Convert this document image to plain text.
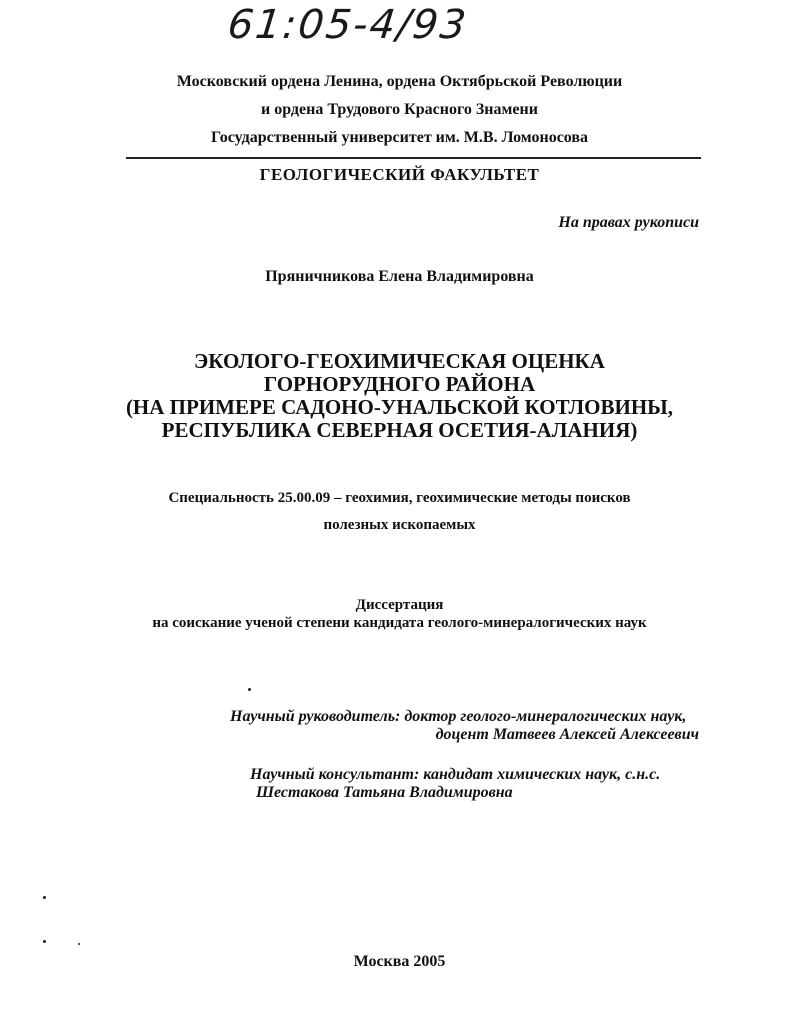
61:05-4/93
Московский ордена Ленина, ордена Октябрьской Революции
и ордена Трудового Красного Знамени
Государственный университет им. М.В. Ломоносова
ГЕОЛОГИЧЕСКИЙ ФАКУЛЬТЕТ
На правах рукописи
Пряничникова Елена Владимировна
ЭКОЛОГО-ГЕОХИМИЧЕСКАЯ ОЦЕНКА
ГОРНОРУДНОГО РАЙОНА
(НА ПРИМЕРЕ САДОНО-УНАЛЬСКОЙ КОТЛОВИНЫ,
РЕСПУБЛИКА СЕВЕРНАЯ ОСЕТИЯ-АЛАНИЯ)
Специальность 25.00.09 – геохимия, геохимические методы поисков
полезных ископаемых
Диссертация
на соискание ученой степени кандидата геолого-минералогических наук
Научный руководитель: доктор геолого-минералогических наук,
доцент Матвеев Алексей Алексеевич
Научный консультант: кандидат химических наук, с.н.с.
Шестакова Татьяна Владимировна
Москва 2005
